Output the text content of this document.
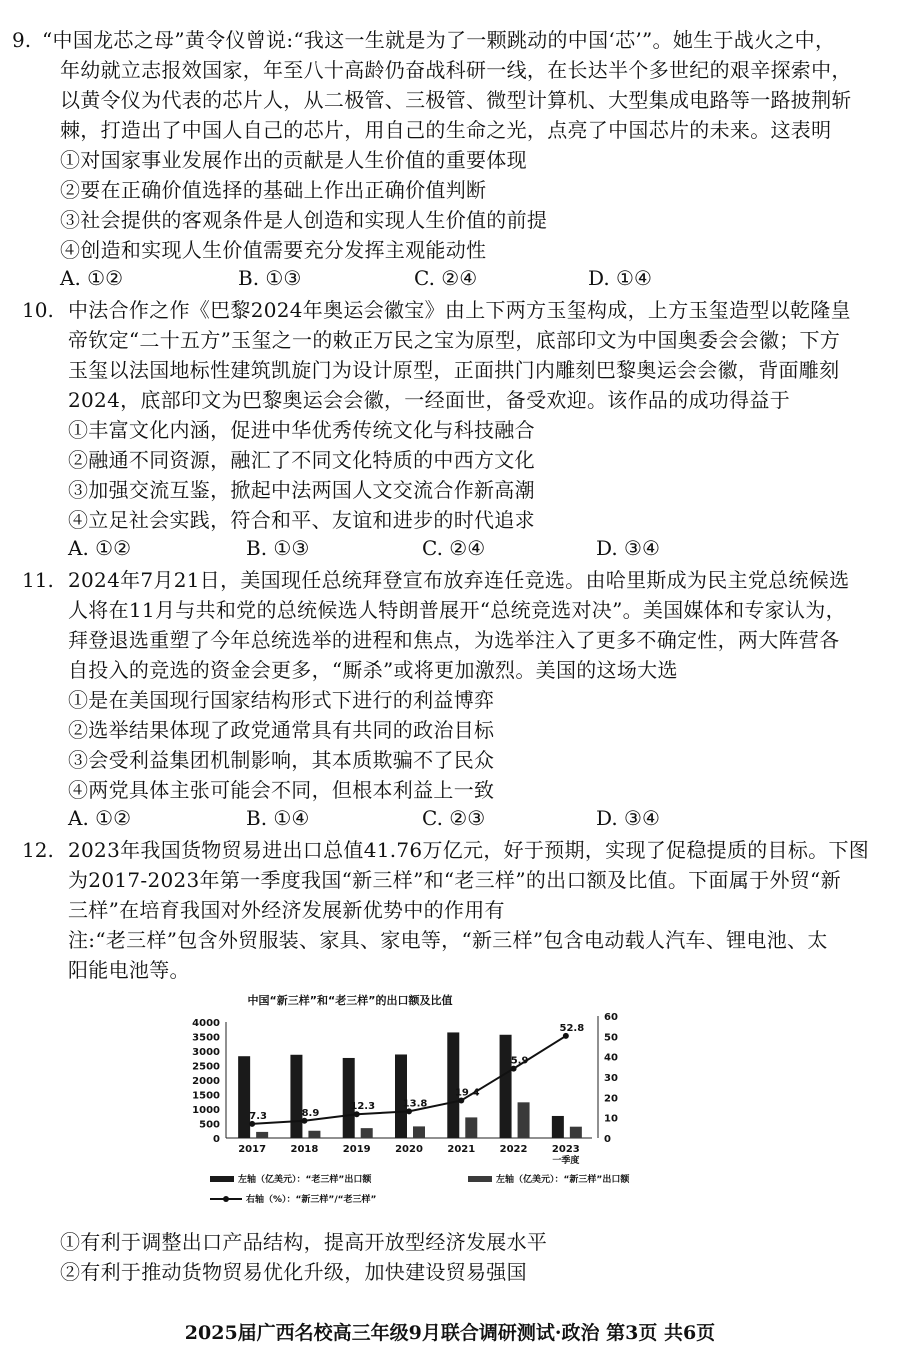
9. “中国龙芯之母”黄令仪曾说:“我这一生就是为了一颗跳动的中国‘芯’”。她生于战火之中，
年幼就立志报效国家，年至八十高龄仍奋战科研一线，在长达半个多世纪的艰辛探索中，
以黄令仪为代表的芯片人，从二极管、三极管、微型计算机、大型集成电路等一路披荆斩
棘，打造出了中国人自己的芯片，用自己的生命之光，点亮了中国芯片的未来。这表明
①对国家事业发展作出的贡献是人生价值的重要体现
②要在正确价值选择的基础上作出正确价值判断
③社会提供的客观条件是人创造和实现人生价值的前提
④创造和实现人生价值需要充分发挥主观能动性
A. ①②	B. ①③	C. ②④	D. ①④
10. 中法合作之作《巴黎2024年奥运会徽宝》由上下两方玉玺构成，上方玉玺造型以乾隆皇
帝钦定“二十五方”玉玺之一的敕正万民之宝为原型，底部印文为中国奥委会会徽；下方
玉玺以法国地标性建筑凯旋门为设计原型，正面拱门内雕刻巴黎奥运会会徽，背面雕刻
2024，底部印文为巴黎奥运会会徽，一经面世，备受欢迎。该作品的成功得益于
①丰富文化内涵，促进中华优秀传统文化与科技融合
②融通不同资源，融汇了不同文化特质的中西方文化
③加强交流互鉴，掀起中法两国人文交流合作新高潮
④立足社会实践，符合和平、友谊和进步的时代追求
A. ①②	B. ①③	C. ②④	D. ③④
11. 2024年7月21日，美国现任总统拜登宣布放弃连任竞选。由哈里斯成为民主党总统候选
人将在11月与共和党的总统候选人特朗普展开“总统竞选对决”。美国媒体和专家认为，
拜登退选重塑了今年总统选举的进程和焦点，为选举注入了更多不确定性，两大阵营各
自投入的竞选的资金会更多，“厮杀”或将更加激烈。美国的这场大选
①是在美国现行国家结构形式下进行的利益博弈
②选举结果体现了政党通常具有共同的政治目标
③会受利益集团机制影响，其本质欺骗不了民众
④两党具体主张可能会不同，但根本利益上一致
A. ①②	B. ①④	C. ②③	D. ③④
12. 2023年我国货物贸易进出口总值41.76万亿元，好于预期，实现了促稳提质的目标。下图
为2017-2023年第一季度我国“新三样”和“老三样”的出口额及比值。下面属于外贸“新
三样”在培育我国对外经济发展新优势中的作用有
注:“老三样”包含外贸服装、家具、家电等，“新三样”包含电动载人汽车、锂电池、太
阳能电池等。
①有利于调整出口产品结构，提高开放型经济发展水平
②有利于推动货物贸易优化升级，加快建设贸易强国
中国“新三样”和“老三样”的出口额及比值
0
500
1000
1500
2000
2500
3000
3500
4000
0
10
20
30
40
50
60
2017 2018 2019 2020 2021 2022 2023
一季度
7.3	8.9
12.3	13.8
19.4
5.9
52.8
左轴（亿美元）：“老三样”出口额	左轴（亿美元）：“新三样”出口额
右轴（%）：“新三样”/“老三样”
2025届广西名校高三年级9月联合调研测试·政治 第3页 共6页
